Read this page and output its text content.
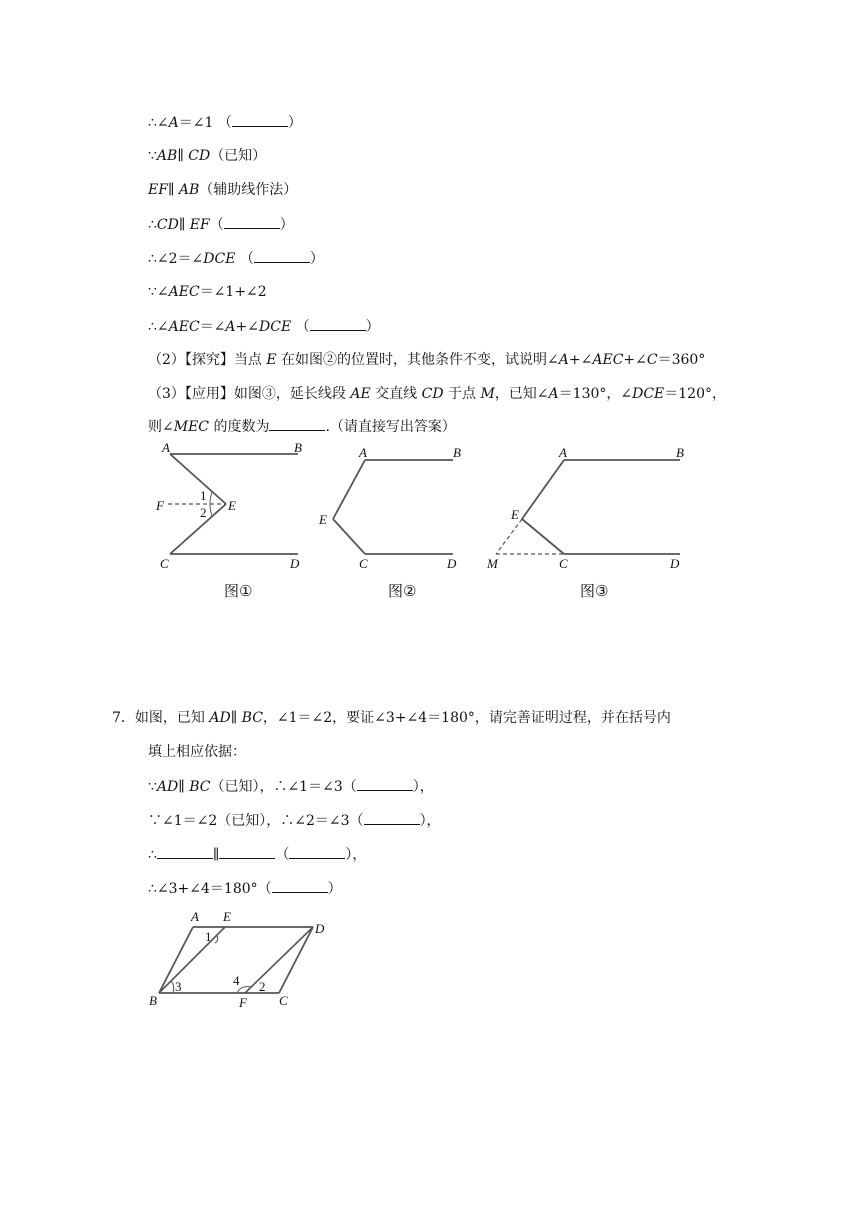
∴∠A＝∠1 （	）
∵AB∥ CD（已知）
EF∥ AB（辅助线作法）
∴CD∥ EF（	）
∴∠2＝∠DCE （	）
∵∠AEC＝∠1+∠2
∴∠AEC＝∠A+∠DCE （	）
（2）【探究】当点 E 在如图②的位置时，其他条件不变，试说明∠A+∠AEC+∠C＝360°
（3）【应用】如图③，延长线段 AE 交直线 CD 于点 M，已知∠A＝130°，∠DCE＝120°，
则∠MEC 的度数为	.（请直接写出答案）
A	B
F	E
1
2
C	D
图①
A	B
E
C	D
图②
A	B
E
M	C	D
图③
7．如图，已知 AD∥ BC，∠1＝∠2，要证∠3+∠4＝180°，请完善证明过程，并在括号内
填上相应依据：
∵AD∥ BC（已知），∴∠1＝∠3（	），
∵∠1＝∠2（已知），∴∠2＝∠3（	），
∴	∥	（	），
∴∠3+∠4＝180°（	）
A E
D
B	F C
1
3	4 2
